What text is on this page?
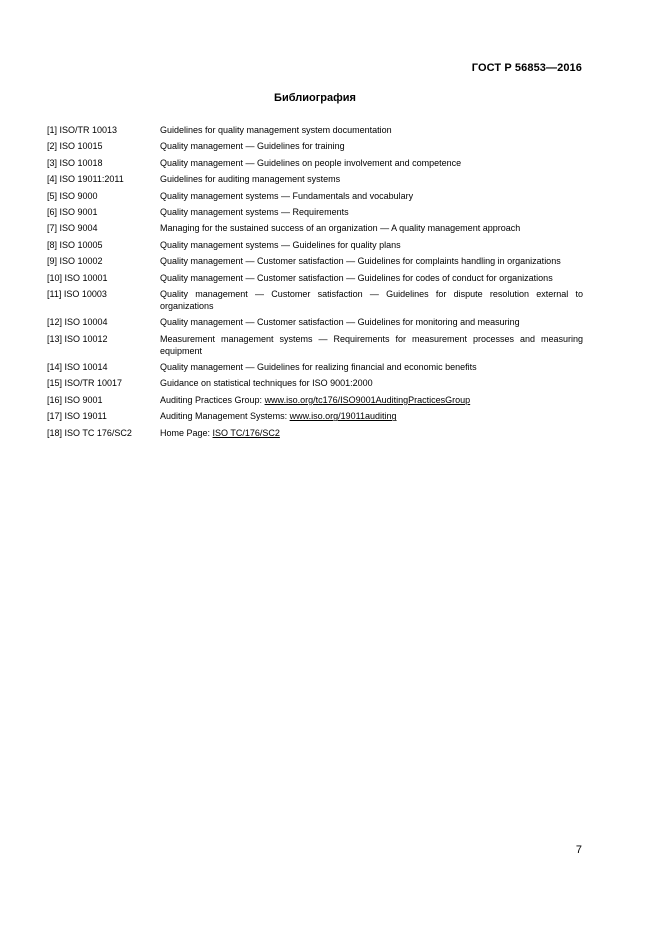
ГОСТ Р 56853—2016
Библиография
[1] ISO/TR 10013	Guidelines for quality management system documentation
[2] ISO 10015	Quality management — Guidelines for training
[3] ISO 10018	Quality management — Guidelines on people involvement and competence
[4] ISO 19011:2011	Guidelines for auditing management systems
[5] ISO 9000	Quality management systems — Fundamentals and vocabulary
[6] ISO 9001	Quality management systems — Requirements
[7] ISO 9004	Managing for the sustained success of an organization — A quality management approach
[8] ISO 10005	Quality management systems — Guidelines for quality plans
[9] ISO 10002	Quality management — Customer satisfaction — Guidelines for complaints handling in organizations
[10] ISO 10001	Quality management — Customer satisfaction — Guidelines for codes of conduct for organizations
[11] ISO 10003	Quality management — Customer satisfaction — Guidelines for dispute resolution external to organizations
[12] ISO 10004	Quality management — Customer satisfaction — Guidelines for monitoring and measuring
[13] ISO 10012	Measurement management systems — Requirements for measurement processes and measuring equipment
[14] ISO 10014	Quality management — Guidelines for realizing financial and economic benefits
[15] ISO/TR 10017	Guidance on statistical techniques for ISO 9001:2000
[16] ISO 9001	Auditing Practices Group: www.iso.org/tc176/ISO9001AuditingPracticesGroup
[17] ISO 19011	Auditing Management Systems: www.iso.org/19011auditing
[18] ISO TC 176/SC2	Home Page: ISO TC/176/SC2
7
